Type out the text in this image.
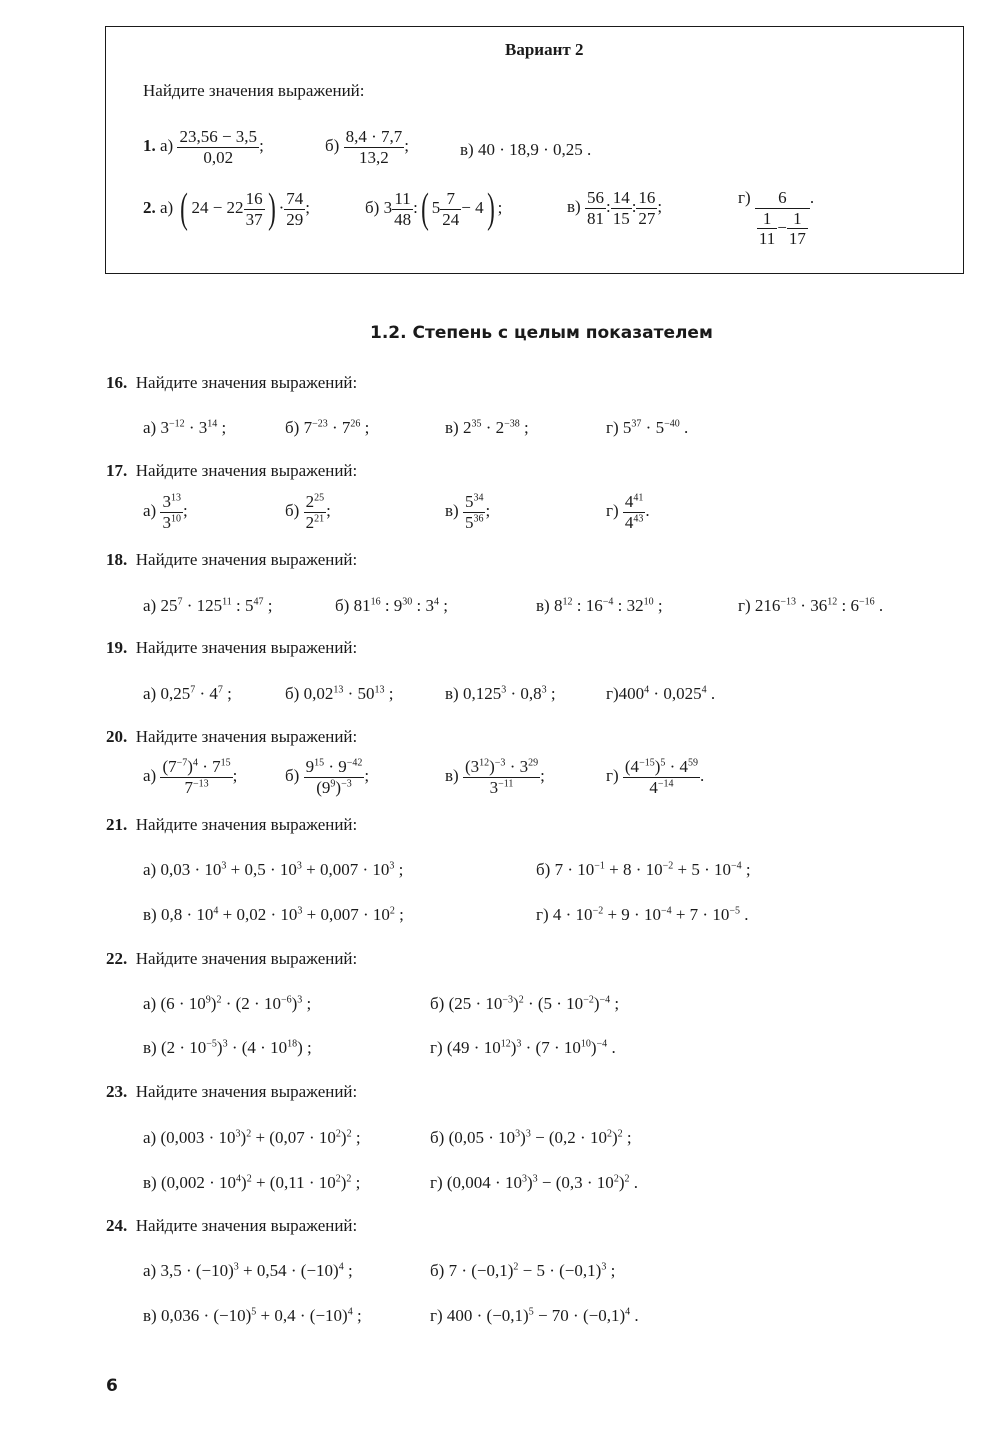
Вариант 2
Найдите значения выражений:
1. $а) \frac{23,56 - 3,5}{0,02}$ ;	$б) \frac{8,4 \cdot 7,7}{13,2}$ ;	в) 40 · 18,9 · 0,25 .
2. а) ( $24 - 22 \frac{16}{37}$ ) · $\frac{74}{29}$ ;	б) $3 \frac{11}{48}$ :( $5 \frac{7}{24} - 4$) ;	$в) \frac{56}{81}$ : $\frac{14}{15}$ : $\frac{16}{27}$ ;	$г) \frac{6}{\frac{1}{11} - \frac{1}{17}}$ .
1.2. Степень с целым показателем
16. Найдите значения выражений:
а) $3^{-12} \cdot 3^{14}$ ;	б) $7^{-23} \cdot 7^{26}$ ;	в) $2^{35} \cdot 2^{-38}$ ;	г) $5^{37} \cdot 5^{-40}$ .
17. Найдите значения выражений:
$а) \frac{3^{13}}{3^{10}}$ ;	$б) \frac{2^{25}}{2^{21}}$ ;	$в) \frac{5^{34}}{5^{36}}$ ;	$г) \frac{4^{41}}{4^{43}}$ .
18. Найдите значения выражений:
а) $25^7 \cdot 125^{11}$ : $5^{47}$ ;	б) $81^{16}$ : $9^{30}$ : $3^4$ ;	в) $8^{12}$ : $16^{-4}$ : $32^{10}$ ;	г) $216^{-13} \cdot 36^{12}$ : $6^{-16}$ .
19. Найдите значения выражений:
а) $0,25^7 \cdot 4^7$ ;	б) $0,02^{13} \cdot 50^{13}$ ;	в) $0,125^3 \cdot 0,8^3$ ;	$г)400^4 \cdot 0,025^4$ .
20. Найдите значения выражений:
$а) \frac{(7^{-7})^4 \cdot 7^{15}}{7^{-13}}$ ;	$б) \frac{9^{15} \cdot 9^{-42}}{(9^9)^{-3}}$ ;	$в) \frac{(3^{12})^{-3} \cdot 3^{29}}{3^{-11}}$ ;	$г) \frac{(4^{-15})^5 \cdot 4^{59}}{4^{-14}}$ .
21. Найдите значения выражений:
а) $0,03 \cdot 10^3 + 0,5 \cdot 10^3 + 0,007 \cdot 10^3$ ;	б) $7 \cdot 10^{-1} + 8 \cdot 10^{-2} + 5 \cdot 10^{-4}$ ;
в) $0,8 \cdot 10^4 + 0,02 \cdot 10^3 + 0,007 \cdot 10^2$ ;	г) $4 \cdot 10^{-2} + 9 \cdot 10^{-4} + 7 \cdot 10^{-5}$ .
22. Найдите значения выражений:
а) $(6 \cdot 10^9)^2 \cdot (2 \cdot 10^{-6})^3$ ;	б) $(25 \cdot 10^{-3})^2 \cdot (5 \cdot 10^{-2})^{-4}$ ;
в) $(2 \cdot 10^{-5})^3 \cdot (4 \cdot 10^{18})$ ;	г) $(49 \cdot 10^{12})^3 \cdot (7 \cdot 10^{10})^{-4}$ .
23. Найдите значения выражений:
а) $(0,003 \cdot 10^3)^2 + (0,07 \cdot 10^2)^2$ ;	б) $(0,05 \cdot 10^3)^3 - (0,2 \cdot 10^2)^2$ ;
в) $(0,002 \cdot 10^4)^2 + (0,11 \cdot 10^2)^2$ ;	г) $(0,004 \cdot 10^3)^3 - (0,3 \cdot 10^2)^2$ .
24. Найдите значения выражений:
а) $3,5 \cdot (-10)^3 + 0,54 \cdot (-10)^4$ ;	б) $7 \cdot (-0,1)^2 - 5 \cdot (-0,1)^3$ ;
в) $0,036 \cdot (-10)^5 + 0,4 \cdot (-10)^4$ ;	г) $400 \cdot (-0,1)^5 - 70 \cdot (-0,1)^4$ .
6
